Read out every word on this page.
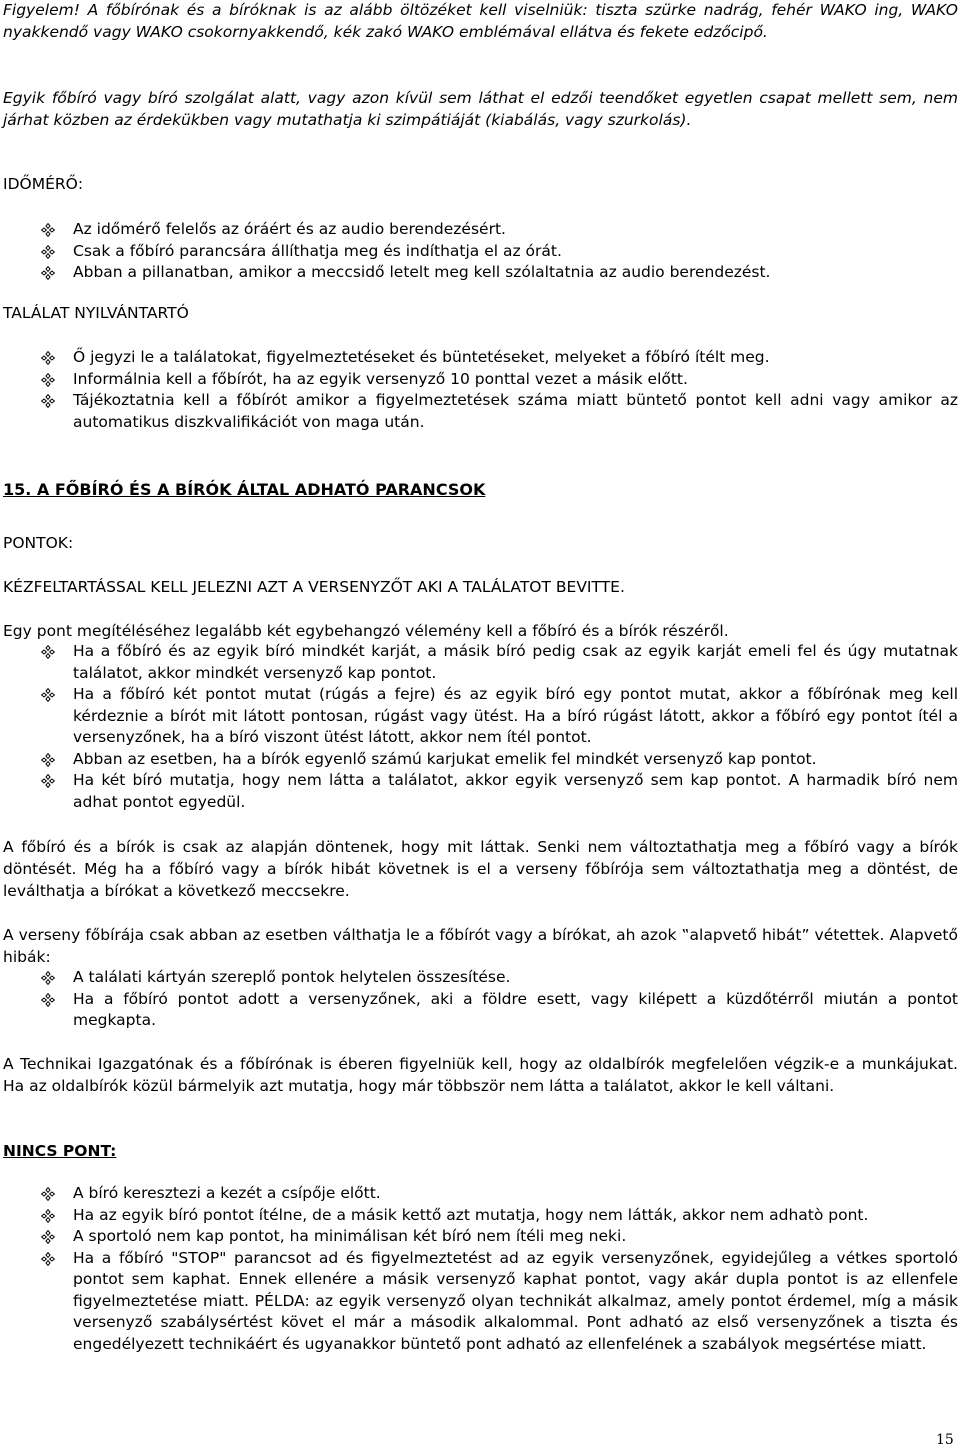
Figyelem! A főbírónak és a bíróknak is az alább öltözéket kell viselniük: tiszta szürke nadrág, fehér WAKO ing, WAKO nyakkendő vagy WAKO csokornyakkendő, kék zakó WAKO emblémával ellátva és fekete edzőcipő.

Egyik főbíró vagy bíró szolgálat alatt, vagy azon kívül sem láthat el edzői teendőket egyetlen csapat mellett sem, nem járhat közben az érdekükben vagy mutathatja ki szimpátiáját (kiabálás, vagy szurkolás).

IDŐMÉRŐ:

Az időmérő felelős az óráért és az audio berendezésért.
Csak a főbíró parancsára állíthatja meg és indíthatja el az órát.
Abban a pillanatban, amikor a meccsidő letelt meg kell szólaltatnia az audio berendezést.

TALÁLAT NYILVÁNTARTÓ

Ő jegyzi le a találatokat, figyelmeztetéseket és büntetéseket, melyeket a főbíró ítélt meg.
Informálnia kell a főbírót, ha az egyik versenyző 10 ponttal vezet a másik előtt.
Tájékoztatnia kell a főbírót amikor a figyelmeztetések száma miatt büntető pontot kell adni vagy amikor az automatikus diszkvalifikációt von maga után.

15. A FŐBÍRÓ ÉS A BÍRÓK ÁLTAL ADHATÓ PARANCSOK

PONTOK:

KÉZFELTARTÁSSAL KELL JELEZNI AZT A VERSENYZŐT AKI A TALÁLATOT BEVITTE.

Egy pont megítéléséhez legalább két egybehangzó vélemény kell a főbíró és a bírók részéről.

Ha a főbíró és az egyik bíró mindkét karját, a másik bíró pedig csak az egyik karját emeli fel és úgy mutatnak találatot, akkor mindkét versenyző kap pontot.
Ha a főbíró két pontot mutat (rúgás a fejre) és az egyik bíró egy pontot mutat, akkor a főbírónak meg kell kérdeznie a bírót mit látott pontosan, rúgást vagy ütést. Ha a bíró rúgást látott, akkor a főbíró egy pontot ítél a versenyzőnek, ha a bíró viszont ütést látott, akkor nem ítél pontot.
Abban az esetben, ha a bírók egyenlő számú karjukat emelik fel mindkét versenyző kap pontot.
Ha két bíró mutatja, hogy nem látta a találatot, akkor egyik versenyző sem kap pontot. A harmadik bíró nem adhat pontot egyedül.

A főbíró és a bírók is csak az alapján döntenek, hogy mit láttak. Senki nem változtathatja meg a főbíró vagy a bírók döntését. Még ha a főbíró vagy a bírók hibát követnek is el a verseny főbírója sem változtathatja meg a döntést, de leválthatja a bírókat a következő meccsekre.

A verseny főbírája csak abban az esetben válthatja le a főbírót vagy a bírókat, ah azok ‟alapvető hibát” vétettek. Alapvető hibák:

A találati kártyán szereplő pontok helytelen összesítése.
Ha a főbíró pontot adott a versenyzőnek, aki a földre esett, vagy kilépett a küzdőtérről miután a pontot megkapta.

A Technikai Igazgatónak és a főbírónak is éberen figyelniük kell, hogy az oldalbírók megfelelően végzik-e a munkájukat. Ha az oldalbírók közül bármelyik azt mutatja, hogy már többször nem látta a találatot, akkor le kell váltani.

NINCS PONT:

A bíró keresztezi a kezét a csípője előtt.
Ha az egyik bíró pontot ítélne, de a másik kettő azt mutatja, hogy nem látták, akkor nem adhatò pont.
A sportoló nem kap pontot, ha minimálisan két bíró nem ítéli meg neki.
Ha a főbíró "STOP" parancsot ad és figyelmeztetést ad az egyik versenyzőnek, egyidejűleg a vétkes sportoló pontot sem kaphat. Ennek ellenére a másik versenyző kaphat pontot, vagy akár dupla pontot is az ellenfele figyelmeztetése miatt. PÉLDA: az egyik versenyző olyan technikát alkalmaz, amely pontot érdemel, míg a másik versenyző szabálysértést követ el már a második alkalommal. Pont adható az első versenyzőnek a tiszta és engedélyezett technikáért és ugyanakkor büntető pont adható az ellenfelének a szabályok megsértése miatt.
15
